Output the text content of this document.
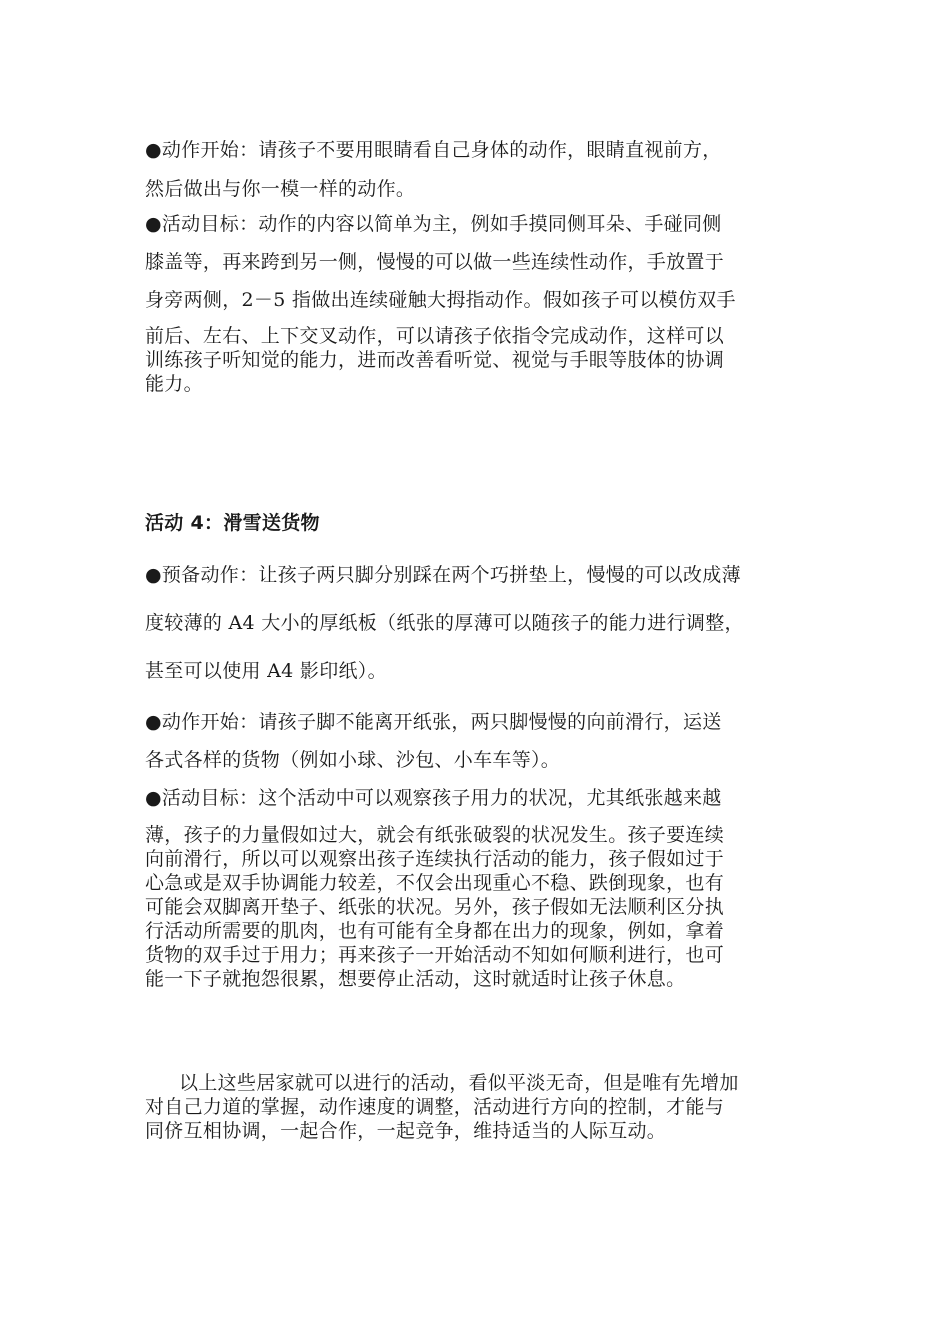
●动作开始：请孩子不要用眼睛看自己身体的动作，眼睛直视前方，
然后做出与你一模一样的动作。

●活动目标：动作的内容以简单为主，例如手摸同侧耳朵、手碰同侧
膝盖等，再来跨到另一侧，慢慢的可以做一些连续性动作，手放置于
身旁两侧，2－5 指做出连续碰触大拇指动作。假如孩子可以模仿双手

前后、左右、上下交叉动作，可以请孩子依指令完成动作，这样可以
训练孩子听知觉的能力，进而改善看听觉、视觉与手眼等肢体的协调
能力。

活动 4：滑雪送货物

●预备动作：让孩子两只脚分别踩在两个巧拼垫上，慢慢的可以改成薄
度较薄的 A4 大小的厚纸板（纸张的厚薄可以随孩子的能力进行调整，
甚至可以使用 A4 影印纸）。

●动作开始：请孩子脚不能离开纸张，两只脚慢慢的向前滑行，运送
各式各样的货物（例如小球、沙包、小车车等）。
●活动目标：这个活动中可以观察孩子用力的状况，尤其纸张越来越

薄，孩子的力量假如过大，就会有纸张破裂的状况发生。孩子要连续
向前滑行，所以可以观察出孩子连续执行活动的能力，孩子假如过于
心急或是双手协调能力较差，不仅会出现重心不稳、跌倒现象，也有
可能会双脚离开垫子、纸张的状况。另外，孩子假如无法顺利区分执
行活动所需要的肌肉，也有可能有全身都在出力的现象，例如，拿着
货物的双手过于用力；再来孩子一开始活动不知如何顺利进行，也可
能一下子就抱怨很累，想要停止活动，这时就适时让孩子休息。

以上这些居家就可以进行的活动，看似平淡无奇，但是唯有先增加
对自己力道的掌握，动作速度的调整，活动进行方向的控制，才能与
同侪互相协调，一起合作，一起竞争，维持适当的人际互动。
